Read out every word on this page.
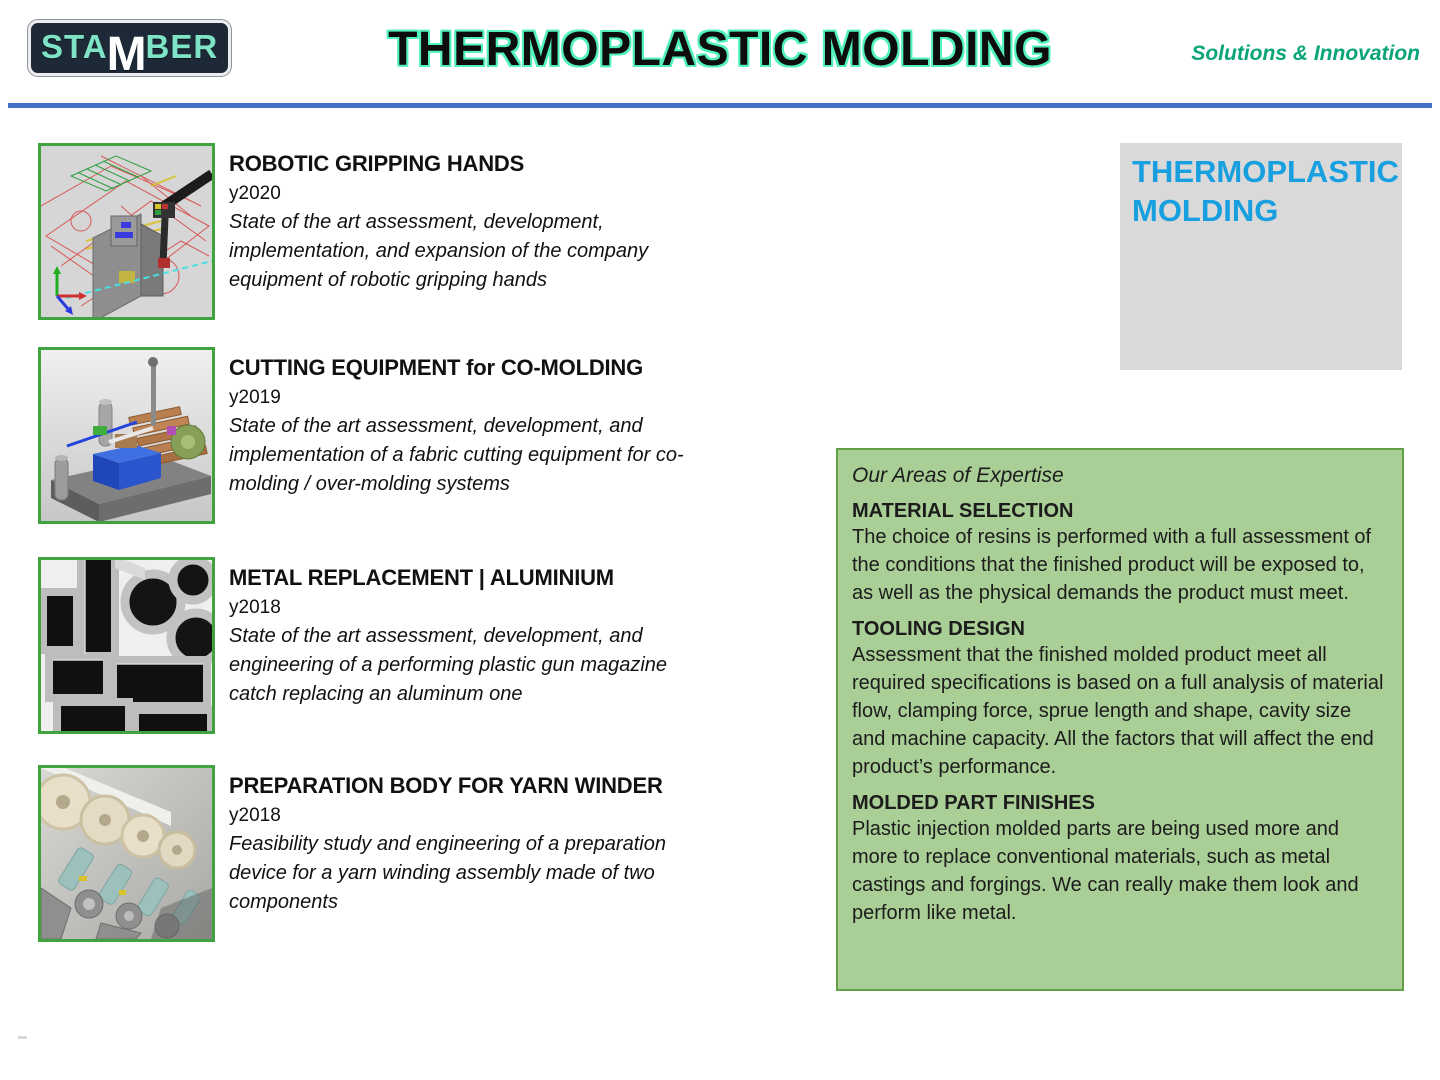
STA M BER	THERMOPLASTIC MOLDING	Solutions & Innovation
ROBOTIC GRIPPING HANDS
y2020

State of the art assessment, development, implementation, and expansion of the company equipment of robotic gripping hands

CUTTING EQUIPMENT for CO-MOLDING
y2019

State of the art assessment, development, and implementation of a fabric cutting equipment for co-molding / over-molding systems

METAL REPLACEMENT | ALUMINIUM
y2018

State of the art assessment, development, and engineering of a performing plastic gun magazine catch replacing an aluminum one

PREPARATION BODY FOR YARN WINDER
y2018

Feasibility study and engineering of a preparation device for a yarn winding assembly made of two components

THERMOPLASTIC MOLDING
Our Areas of Expertise
MATERIAL SELECTION

The choice of resins is performed with a full assessment of the conditions that the finished product will be exposed to, as well as the physical demands the product must meet.

TOOLING DESIGN

Assessment that the finished molded product meet all required specifications is based on a full analysis of material flow, clamping force, sprue length and shape, cavity size and machine capacity. All the factors that will affect the end product’s performance.

MOLDED PART FINISHES

Plastic injection molded parts are being used more and more to replace conventional materials, such as metal castings and forgings. We can really make them look and perform like metal.
